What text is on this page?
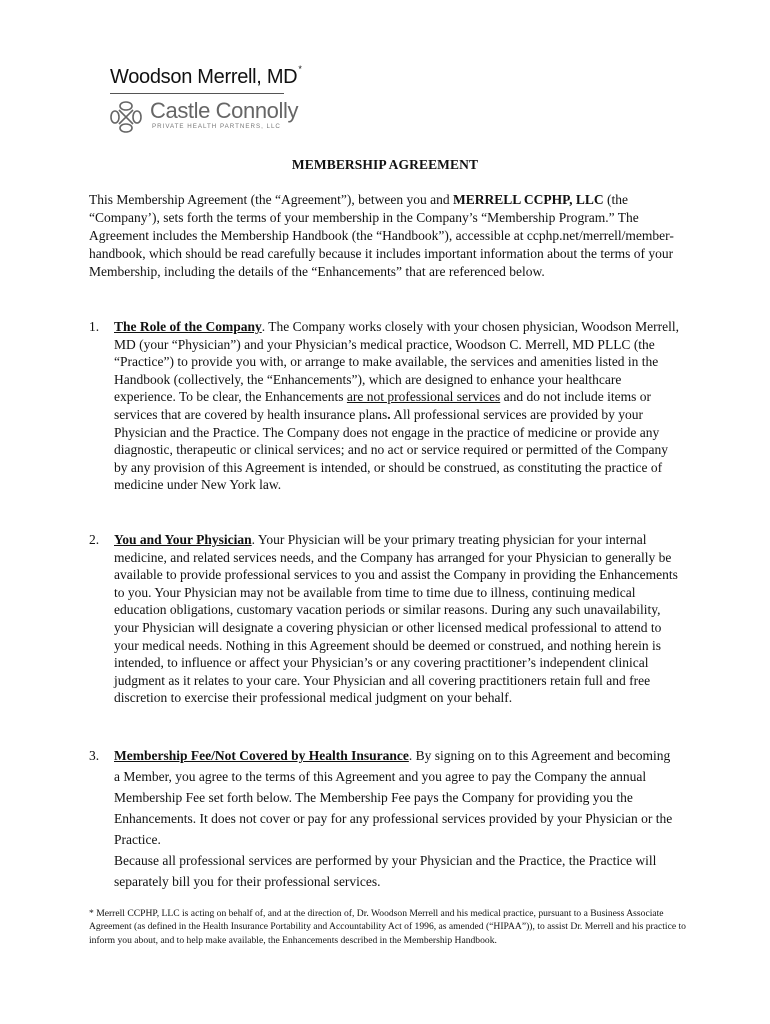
Woodson Merrell, MD*
Castle Connolly
PRIVATE HEALTH PARTNERS, LLC
MEMBERSHIP AGREEMENT

This Membership Agreement (the “Agreement”), between you and MERRELL CCPHP, LLC (the “Company’), sets forth the terms of your membership in the Company’s “Membership Program.” The Agreement includes the Membership Handbook (the “Handbook”), accessible at ccphp.net/merrell/member-handbook, which should be read carefully because it includes important information about the terms of your Membership, including the details of the “Enhancements” that are referenced below.

1. The Role of the Company. The Company works closely with your chosen physician, Woodson Merrell, MD (your “Physician”) and your Physician’s medical practice, Woodson C. Merrell, MD PLLC (the “Practice”) to provide you with, or arrange to make available, the services and amenities listed in the Handbook (collectively, the “Enhancements”), which are designed to enhance your healthcare experience. To be clear, the Enhancements are not professional services and do not include items or services that are covered by health insurance plans. All professional services are provided by your Physician and the Practice. The Company does not engage in the practice of medicine or provide any diagnostic, therapeutic or clinical services; and no act or service required or permitted of the Company by any provision of this Agreement is intended, or should be construed, as constituting the practice of medicine under New York law.
2. You and Your Physician. Your Physician will be your primary treating physician for your internal medicine, and related services needs, and the Company has arranged for your Physician to generally be available to provide professional services to you and assist the Company in providing the Enhancements to you. Your Physician may not be available from time to time due to illness, continuing medical education obligations, customary vacation periods or similar reasons. During any such unavailability, your Physician will designate a covering physician or other licensed medical professional to attend to your medical needs. Nothing in this Agreement should be deemed or construed, and nothing herein is intended, to influence or affect your Physician’s or any covering practitioner’s independent clinical judgment as it relates to your care. Your Physician and all covering practitioners retain full and free discretion to exercise their professional medical judgment on your behalf.
3. Membership Fee/Not Covered by Health Insurance. By signing on to this Agreement and becoming a Member, you agree to the terms of this Agreement and you agree to pay the Company the annual Membership Fee set forth below. The Membership Fee pays the Company for providing you the Enhancements. It does not cover or pay for any professional services provided by your Physician or the Practice.
Because all professional services are performed by your Physician and the Practice, the Practice will separately bill you for their professional services.

* Merrell CCPHP, LLC is acting on behalf of, and at the direction of, Dr. Woodson Merrell and his medical practice, pursuant to a Business Associate Agreement (as defined in the Health Insurance Portability and Accountability Act of 1996, as amended (“HIPAA”)), to assist Dr. Merrell and his practice to inform you about, and to help make available, the Enhancements described in the Membership Handbook.
